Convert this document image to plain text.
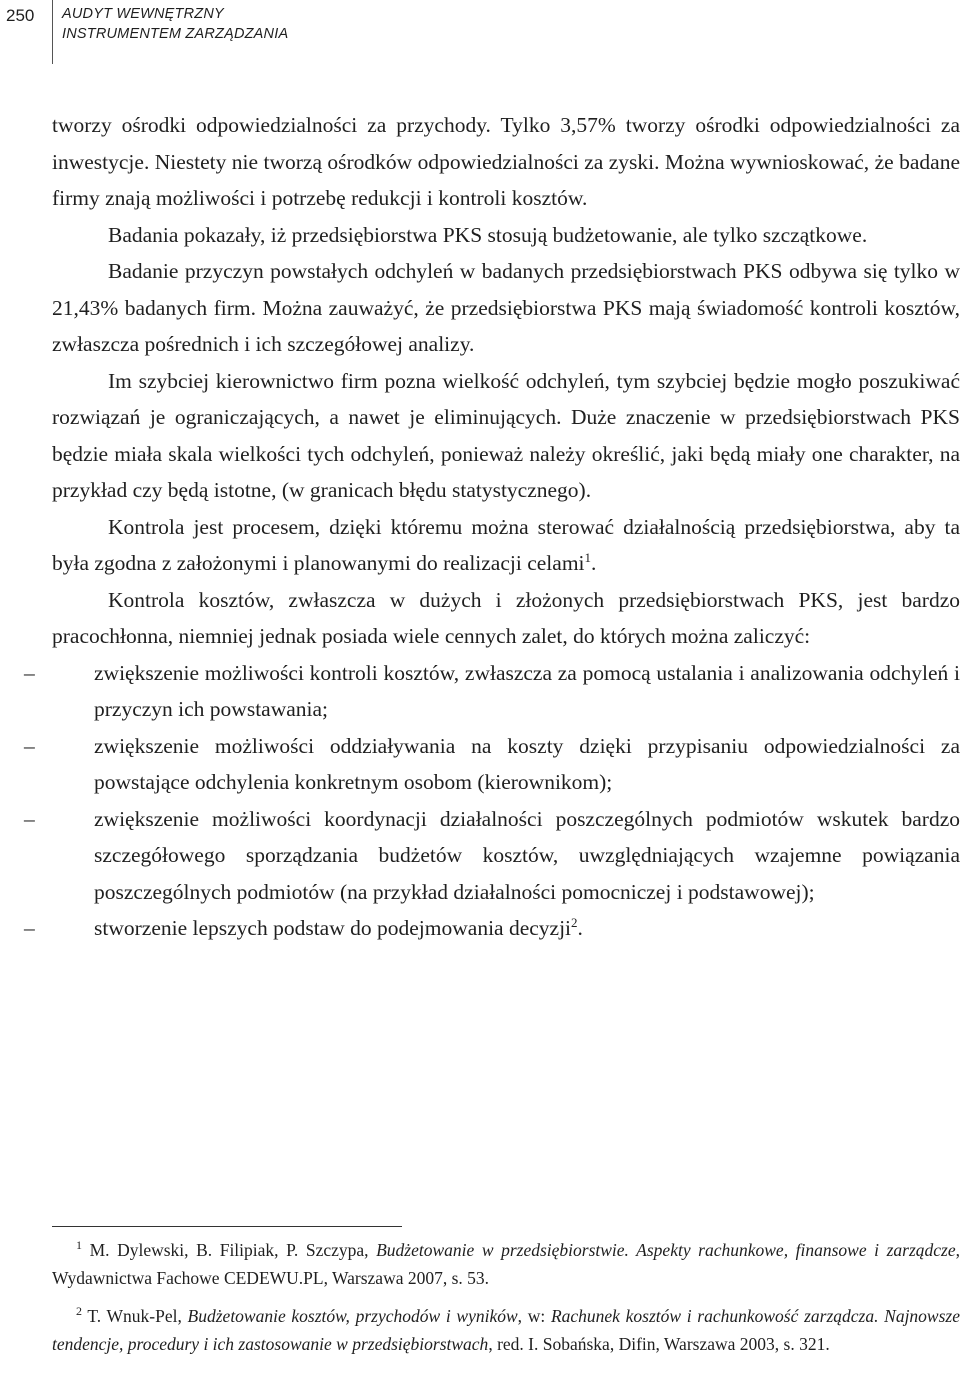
250 AUDYT WEWNĘTRZNY
INSTRUMENTEM ZARZĄDZANIA

tworzy ośrodki odpowiedzialności za przychody. Tylko 3,57% tworzy ośrodki odpowiedzialności za inwestycje. Niestety nie tworzą ośrodków odpowiedzialności za zyski. Można wywnioskować, że badane firmy znają możliwości i potrzebę redukcji i kontroli kosztów.

Badania pokazały, iż przedsiębiorstwa PKS stosują budżetowanie, ale tylko szczątkowe.

Badanie przyczyn powstałych odchyleń w badanych przedsiębiorstwach PKS odbywa się tylko w 21,43% badanych firm. Można zauważyć, że przedsiębiorstwa PKS mają świadomość kontroli kosztów, zwłaszcza pośrednich i ich szczegółowej analizy.

Im szybciej kierownictwo firm pozna wielkość odchyleń, tym szybciej będzie mogło poszukiwać rozwiązań je ograniczających, a nawet je eliminujących. Duże znaczenie w przedsiębiorstwach PKS będzie miała skala wielkości tych odchyleń, ponieważ należy określić, jaki będą miały one charakter, na przykład czy będą istotne, (w granicach błędu statystycznego).

Kontrola jest procesem, dzięki któremu można sterować działalnością przedsiębiorstwa, aby ta była zgodna z założonymi i planowanymi do realizacji celami$^1$.

Kontrola kosztów, zwłaszcza w dużych i złożonych przedsiębiorstwach PKS, jest bardzo pracochłonna, niemniej jednak posiada wiele cennych zalet, do których można zaliczyć:

–	zwiększenie możliwości kontroli kosztów, zwłaszcza za pomocą ustalania i analizowania odchyleń i przyczyn ich powstawania;
–	zwiększenie możliwości oddziaływania na koszty dzięki przypisaniu odpowiedzialności za powstające odchylenia konkretnym osobom (kierownikom);
–	zwiększenie możliwości koordynacji działalności poszczególnych podmiotów wskutek bardzo szczegółowego sporządzania budżetów kosztów, uwzględniających wzajemne powiązania poszczególnych podmiotów (na przykład działalności pomocniczej i podstawowej);
–	stworzenie lepszych podstaw do podejmowania decyzji$^2$.

$^1$ M. Dylewski, B. Filipiak, P. Szczypa, Budżetowanie w przedsiębiorstwie. Aspekty rachunkowe, finansowe i zarządcze, Wydawnictwa Fachowe CEDEWU.PL, Warszawa 2007, s. 53.

$^2$ T. Wnuk-Pel, Budżetowanie kosztów, przychodów i wyników, w: Rachunek kosztów i rachunkowość zarządcza. Najnowsze tendencje, procedury i ich zastosowanie w przedsiębiorstwach, red. I. Sobańska, Difin, Warszawa 2003, s. 321.
